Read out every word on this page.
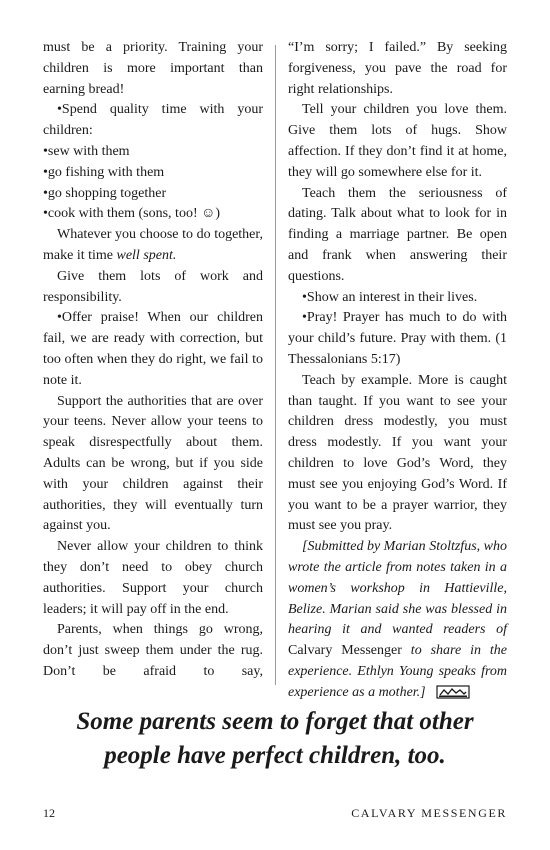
must be a priority. Training your children is more important than earning bread!

•Spend quality time with your children:

•sew with them

•go fishing with them

•go shopping together

•cook with them (sons, too! ☺)

Whatever you choose to do together, make it time well spent.

Give them lots of work and responsibility.

•Offer praise! When our children fail, we are ready with correction, but too often when they do right, we fail to note it.

Support the authorities that are over your teens. Never allow your teens to speak disrespectfully about them. Adults can be wrong, but if you side with your children against their authorities, they will eventually turn against you.

Never allow your children to think they don’t need to obey church authorities. Support your church leaders; it will pay off in the end.

Parents, when things go wrong, don’t just sweep them under the rug. Don’t be afraid to say,

“I’m sorry; I failed.” By seeking forgiveness, you pave the road for right relationships.

Tell your children you love them. Give them lots of hugs. Show affection. If they don’t find it at home, they will go somewhere else for it.

Teach them the seriousness of dating. Talk about what to look for in finding a marriage partner. Be open and frank when answering their questions.

•Show an interest in their lives.

•Pray! Prayer has much to do with your child’s future. Pray with them. (1 Thessalonians 5:17)

Teach by example. More is caught than taught. If you want to see your children dress modestly, you must dress modestly. If you want your children to love God’s Word, they must see you enjoying God’s Word. If you want to be a prayer warrior, they must see you pray.

[Submitted by Marian Stoltzfus, who wrote the article from notes taken in a women’s workshop in Hattieville, Belize. Marian said she was blessed in hearing it and wanted readers of Calvary Messenger to share in the experience. Ethlyn Young speaks from experience as a mother.]

Some parents seem to forget that other
people have perfect children, too.
12	CALVARY MESSENGER
